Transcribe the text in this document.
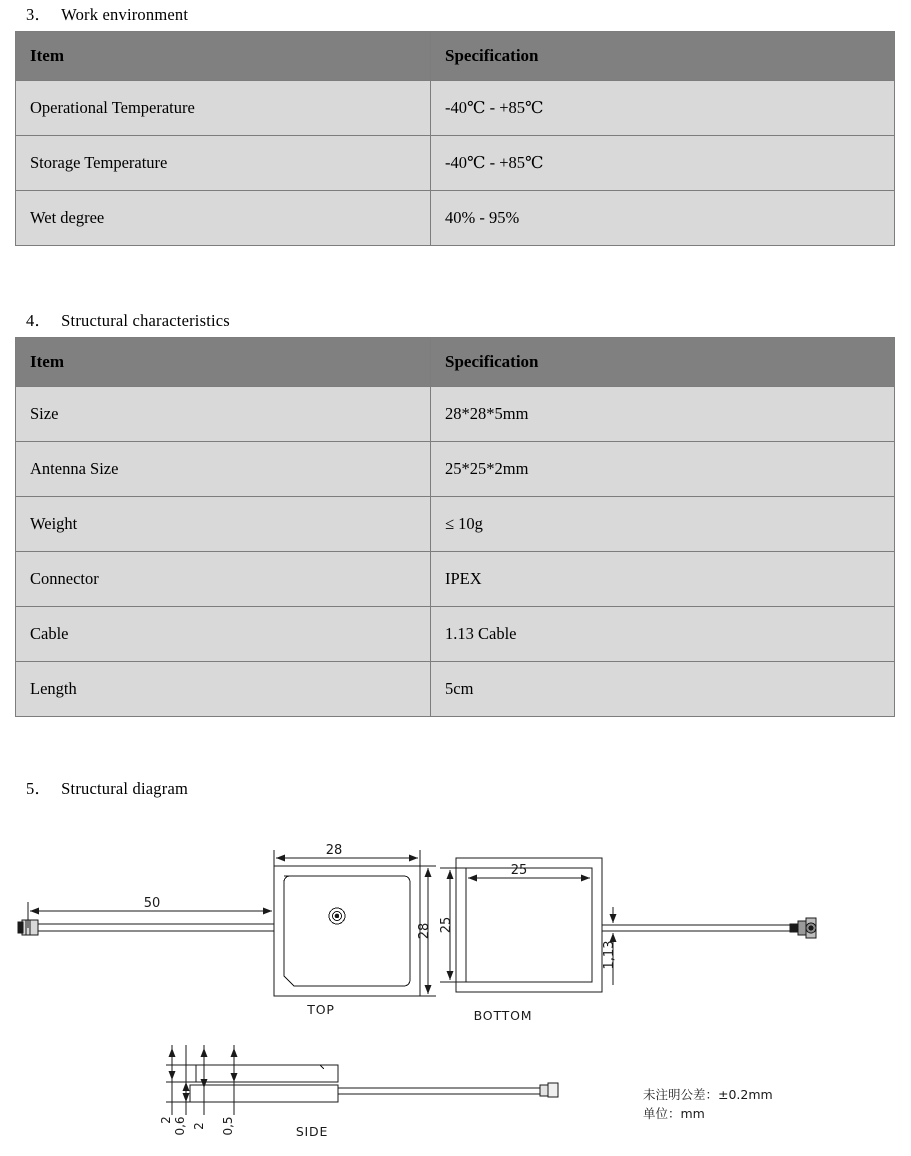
3． Work environment
Item	Specification
Operational Temperature	-40℃ - +85℃
Storage Temperature	-40℃ - +85℃
Wet degree	40% - 95%
4． Structural characteristics
Item	Specification
Size	28*28*5mm
Antenna Size	25*25*2mm
Weight	≤ 10g
Connector	IPEX
Cable	1.13 Cable
Length	5cm
5． Structural diagram
28
28
50
TOP
25
25
1,13
BOTTOM
2 0,6 2 0,5	SIDE
未注明公差：±0.2mm
单位：mm
